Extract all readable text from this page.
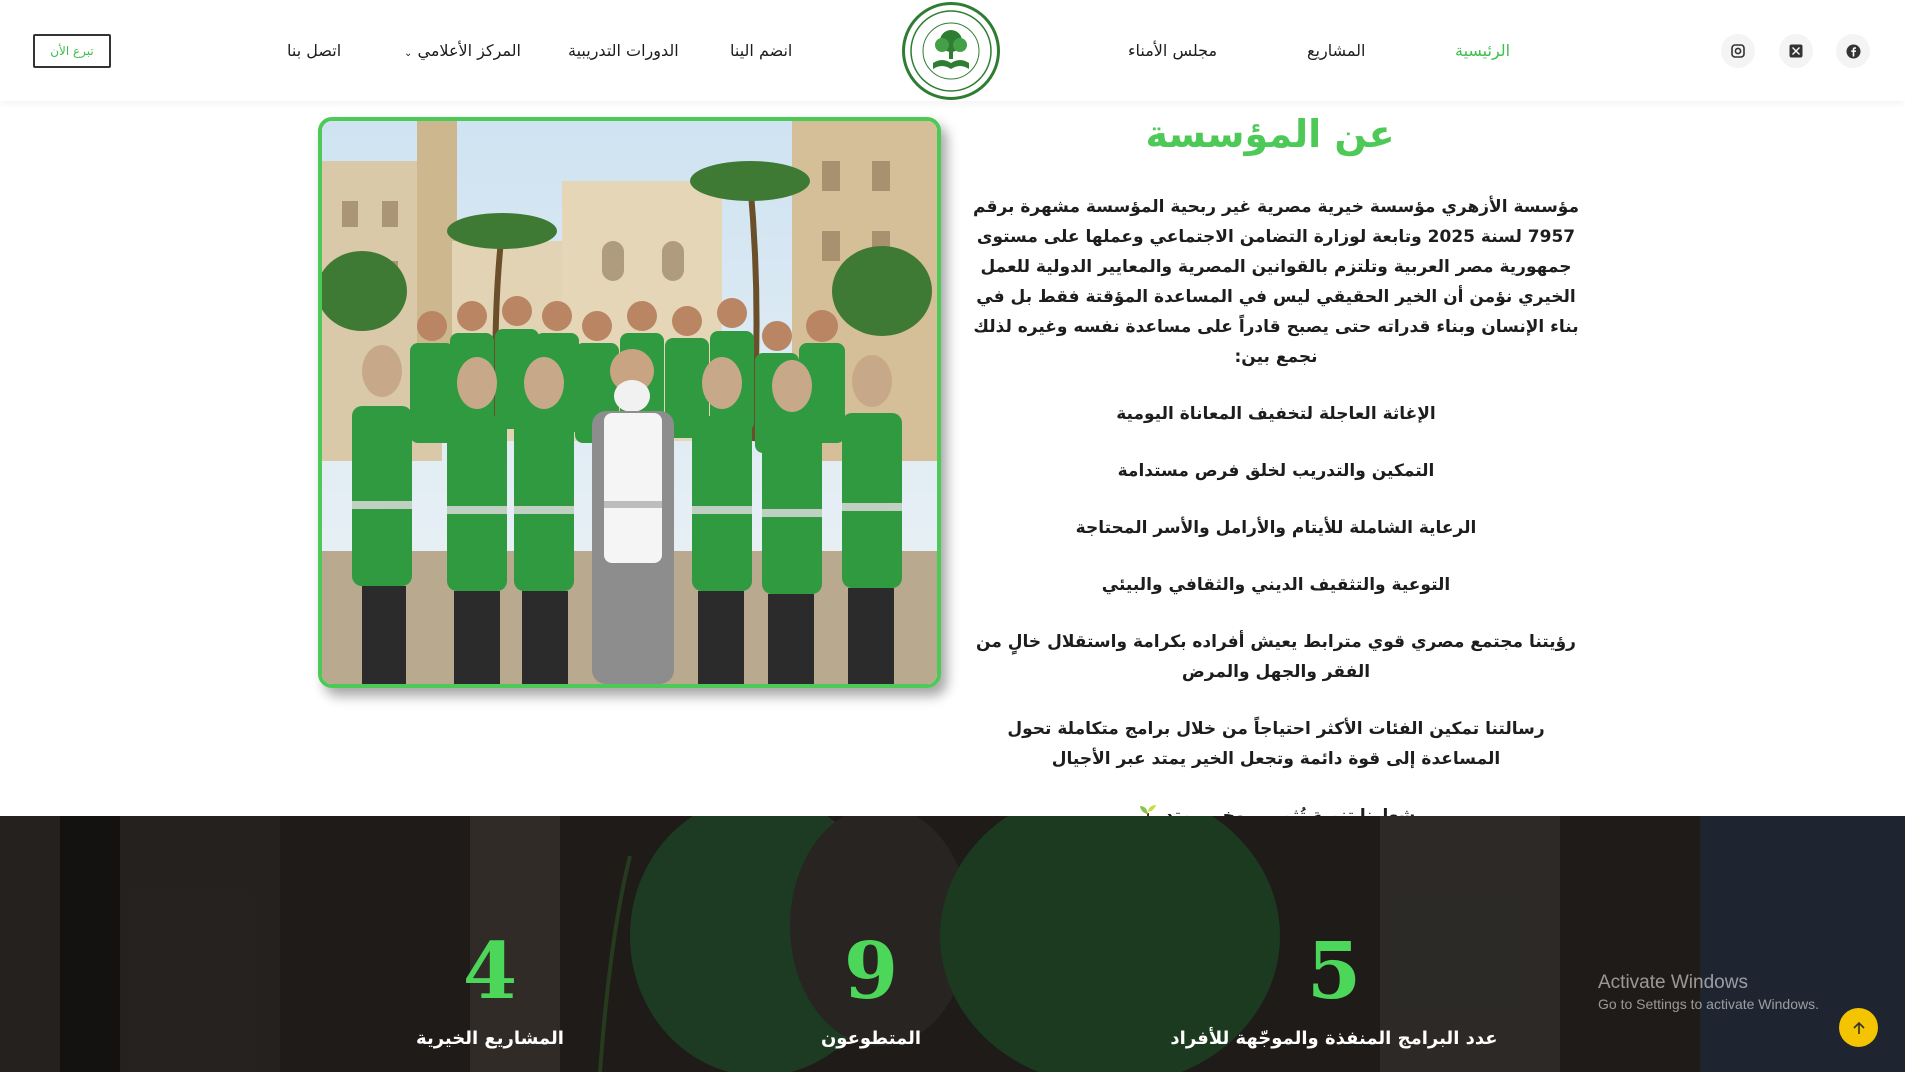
تبرع الأن	اتصل بنا	⌄ المركز الأعلامي	الدورات التدريبية	انضم الينا	مجلس الأمناء	المشاريع	الرئيسية
عن المؤسسة

مؤسسة الأزهري مؤسسة خيرية مصرية غير ربحية المؤسسة مشهرة برقم 7957 لسنة 2025 وتابعة لوزارة التضامن الاجتماعي وعملها على مستوى جمهورية مصر العربية وتلتزم بالقوانين المصرية والمعايير الدولية للعمل الخيري نؤمن أن الخير الحقيقي ليس في المساعدة المؤقتة فقط بل في بناء الإنسان وبناء قدراته حتى يصبح قادراً على مساعدة نفسه وغيره لذلك نجمع بين:

الإغاثة العاجلة لتخفيف المعاناة اليومية

التمكين والتدريب لخلق فرص مستدامة

الرعاية الشاملة للأيتام والأرامل والأسر المحتاجة

التوعية والتثقيف الديني والثقافي والبيئي

رؤيتنا مجتمع مصري قوي مترابط يعيش أفراده بكرامة واستقلال خالٍ من الفقر والجهل والمرض

رسالتنا تمكين الفئات الأكثر احتياجاً من خلال برامج متكاملة تحول المساعدة إلى قوة دائمة وتجعل الخير يمتد عبر الأجيال

4
المشاريع الخيرية
9
المتطوعون
5
عدد البرامج المنفذة والموجّهة للأفراد
Activate Windows
Go to Settings to activate Windows.
